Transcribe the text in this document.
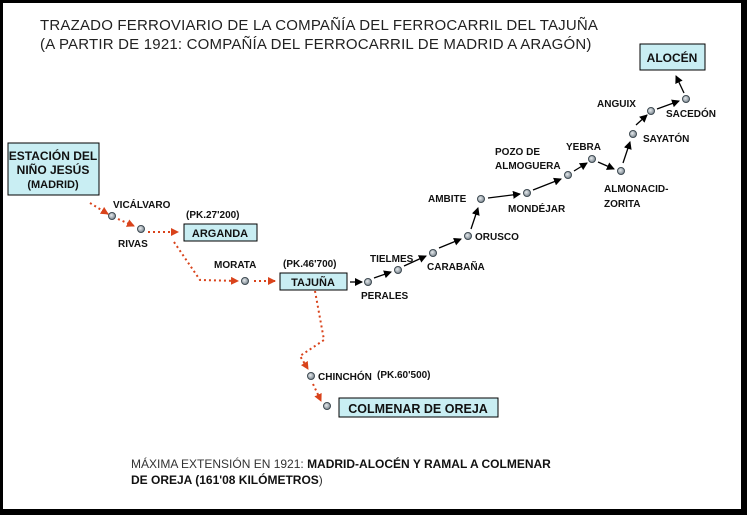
TRAZADO FERROVIARIO DE LA COMPAÑÍA DEL FERROCARRIL DEL TAJUÑA
(A PARTIR DE 1921: COMPAÑÍA DEL FERROCARRIL DE MADRID A ARAGÓN)
ESTACIÓN DEL
NIÑO JESÚS
(MADRID)
ARGANDA
TAJUÑA
ALOCÉN
COLMENAR DE OREJA
(PK.27'200)
(PK.46'700)
(PK.60'500)
VICÁLVARO
RIVAS
MORATA
TIELMES
PERALES
CARABAÑA
ORUSCO
AMBITE
POZO DE
ALMOGUERA
MONDÉJAR
YEBRA
ALMONACID-
ZORITA
SAYATÓN
ANGUIX
SACEDÓN
CHINCHÓN
MÁXIMA EXTENSIÓN EN 1921: MADRID-ALOCÉN Y RAMAL A COLMENAR
DE OREJA (161'08 KILÓMETROS)
